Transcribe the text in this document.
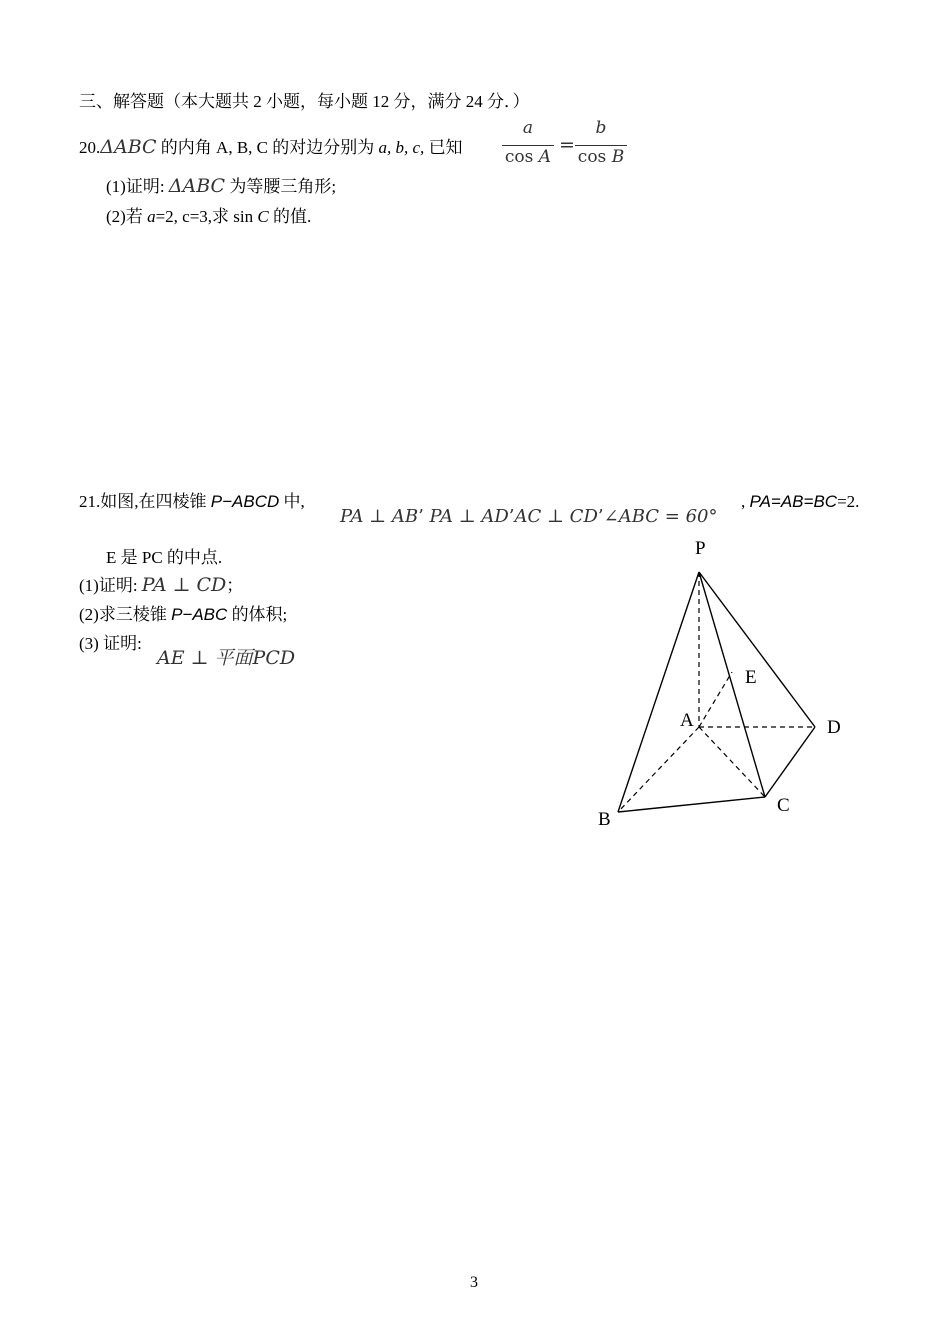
三、解答题（本大题共 2 小题，每小题 12 分，满分 24 分．）
20.ΔABC 的内角 A, B, C 的对边分别为 a, b, c, 已知
a
cos A
=
b
cos B
(1)证明: ΔABC 为等腰三角形;
(2)若 a=2, c=3,求 sin C 的值.
21.如图,在四棱锥 P−ABCD 中,
PA ⊥ AB’ PA ⊥ AD’AC ⊥ CD’∠ABC = 60°
, PA=AB=BC=2.
E 是 PC 的中点.
(1)证明: PA ⊥ CD；
(2)求三棱锥 P−ABC 的体积;
(3) 证明:
AE ⊥ 平面PCD
P
E
A	D
B
C
3
